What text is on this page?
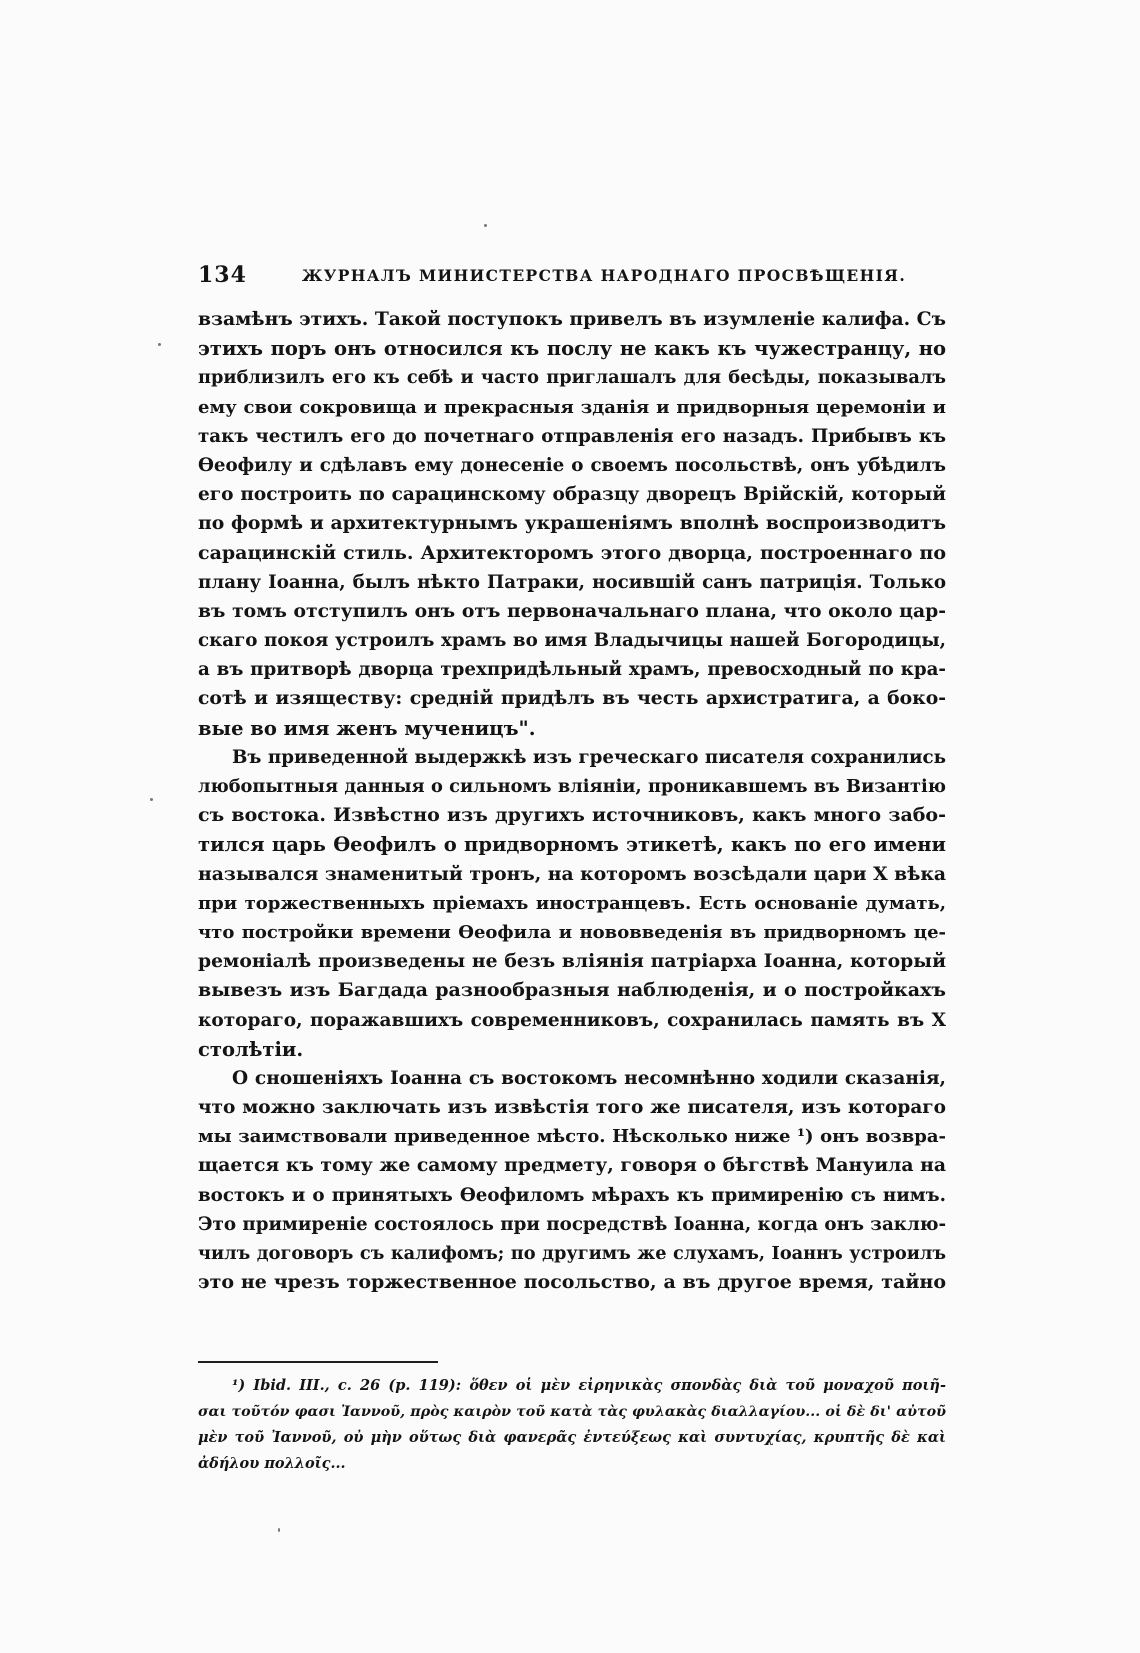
134	ЖУРНАЛЪ МИНИСТЕРСТВА НАРОДНАГО ПРОСВѢЩЕНІЯ.
взамѣнъ этихъ. Такой поступокъ привелъ въ изумленіе калифа. Съ
этихъ поръ онъ относился къ послу не какъ къ чужестранцу, но
приблизилъ его къ себѣ и часто приглашалъ для бесѣды, показывалъ
ему свои сокровища и прекрасныя зданія и придворныя церемоніи и
такъ честилъ его до почетнаго отправленія его назадъ. Прибывъ къ
Ѳеофилу и сдѣлавъ ему донесеніе о своемъ посольствѣ, онъ убѣдилъ
его построить по сарацинскому образцу дворецъ Врійскій, который
по формѣ и архитектурнымъ украшеніямъ вполнѣ воспроизводитъ
сарацинскій стиль. Архитекторомъ этого дворца, построеннаго по
плану Іоанна, былъ нѣкто Патраки, носившій санъ патриція. Только
въ томъ отступилъ онъ отъ первоначальнаго плана, что около цар-
скаго покоя устроилъ храмъ во имя Владычицы нашей Богородицы,
а въ притворѣ дворца трехпридѣльный храмъ, превосходный по кра-
сотѣ и изяществу: средній придѣлъ въ честь архистратига, а боко-
вые во имя женъ мученицъ".
Въ приведенной выдержкѣ изъ греческаго писателя сохранились
любопытныя данныя о сильномъ вліяніи, проникавшемъ въ Византію
съ востока. Извѣстно изъ другихъ источниковъ, какъ много забо-
тился царь Ѳеофилъ о придворномъ этикетѣ, какъ по его имени
назывался знаменитый тронъ, на которомъ возсѣдали цари X вѣка
при торжественныхъ пріемахъ иностранцевъ. Есть основаніе думать,
что постройки времени Ѳеофила и нововведенія въ придворномъ це-
ремоніалѣ произведены не безъ вліянія патріарха Іоанна, который
вывезъ изъ Багдада разнообразныя наблюденія, и о постройкахъ
котораго, поражавшихъ современниковъ, сохранилась память въ X
столѣтіи.
О сношеніяхъ Іоанна съ востокомъ несомнѣнно ходили сказанія,
что можно заключать изъ извѣстія того же писателя, изъ котораго
мы заимствовали приведенное мѣсто. Нѣсколько ниже ¹) онъ возвра-
щается къ тому же самому предмету, говоря о бѣгствѣ Мануила на
востокъ и о принятыхъ Ѳеофиломъ мѣрахъ къ примиренію съ нимъ.
Это примиреніе состоялось при посредствѣ Іоанна, когда онъ заклю-
чилъ договоръ съ калифомъ; по другимъ же слухамъ, Іоаннъ устроилъ
это не чрезъ торжественное посольство, а въ другое время, тайно
¹) Ibid. III., c. 26 (p. 119): ὅθεν οἱ μὲν εἰρηνικὰς σπονδὰς διὰ τοῦ μοναχοῦ ποιῆ-
σαι τοῦτόν φασι Ἰαννοῦ, πρὸς καιρὸν τοῦ κατὰ τὰς φυλακὰς διαλλαγίου... οἱ δὲ δι' αὐτοῦ
μὲν τοῦ Ἰαννοῦ, οὐ μὴν οὕτως διὰ φανερᾶς ἐντεύξεως καὶ συντυχίας, κρυπτῆς δὲ καὶ
ἀδήλου πολλοῖς...
